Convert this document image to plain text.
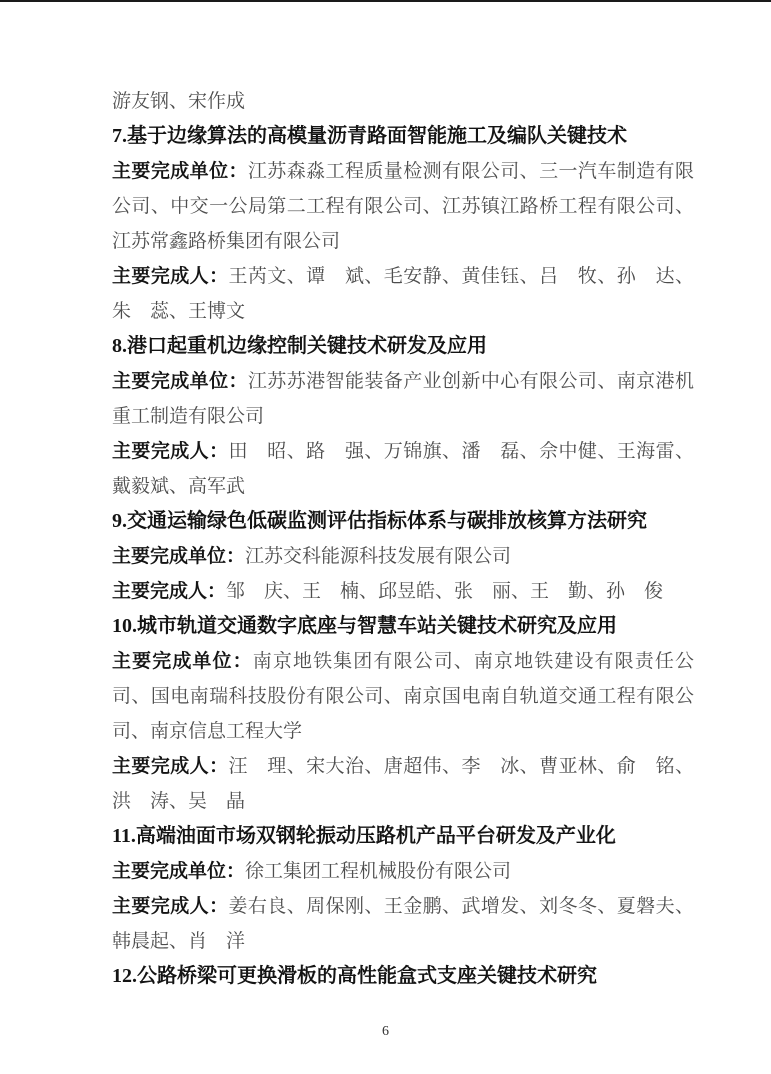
游友钢、宋作成

7.基于边缘算法的高模量沥青路面智能施工及编队关键技术

主要完成单位：江苏森淼工程质量检测有限公司、三一汽车制造有限公司、中交一公局第二工程有限公司、江苏镇江路桥工程有限公司、江苏常鑫路桥集团有限公司

主要完成人：王芮文、谭　斌、毛安静、黄佳钰、吕　牧、孙　达、朱　蕊、王博文

8.港口起重机边缘控制关键技术研发及应用

主要完成单位：江苏苏港智能装备产业创新中心有限公司、南京港机重工制造有限公司

主要完成人：田　昭、路　强、万锦旗、潘　磊、佘中健、王海雷、戴毅斌、高军武

9.交通运输绿色低碳监测评估指标体系与碳排放核算方法研究

主要完成单位：江苏交科能源科技发展有限公司

主要完成人：邹　庆、王　楠、邱昱皓、张　丽、王　勤、孙　俊

10.城市轨道交通数字底座与智慧车站关键技术研究及应用

主要完成单位：南京地铁集团有限公司、南京地铁建设有限责任公司、国电南瑞科技股份有限公司、南京国电南自轨道交通工程有限公司、南京信息工程大学

主要完成人：汪　理、宋大治、唐超伟、李　冰、曹亚林、俞　铭、洪　涛、吴　晶

11.高端油面市场双钢轮振动压路机产品平台研发及产业化

主要完成单位：徐工集团工程机械股份有限公司

主要完成人：姜右良、周保刚、王金鹏、武增发、刘冬冬、夏磐夫、韩晨起、肖　洋

12.公路桥梁可更换滑板的高性能盒式支座关键技术研究

6
